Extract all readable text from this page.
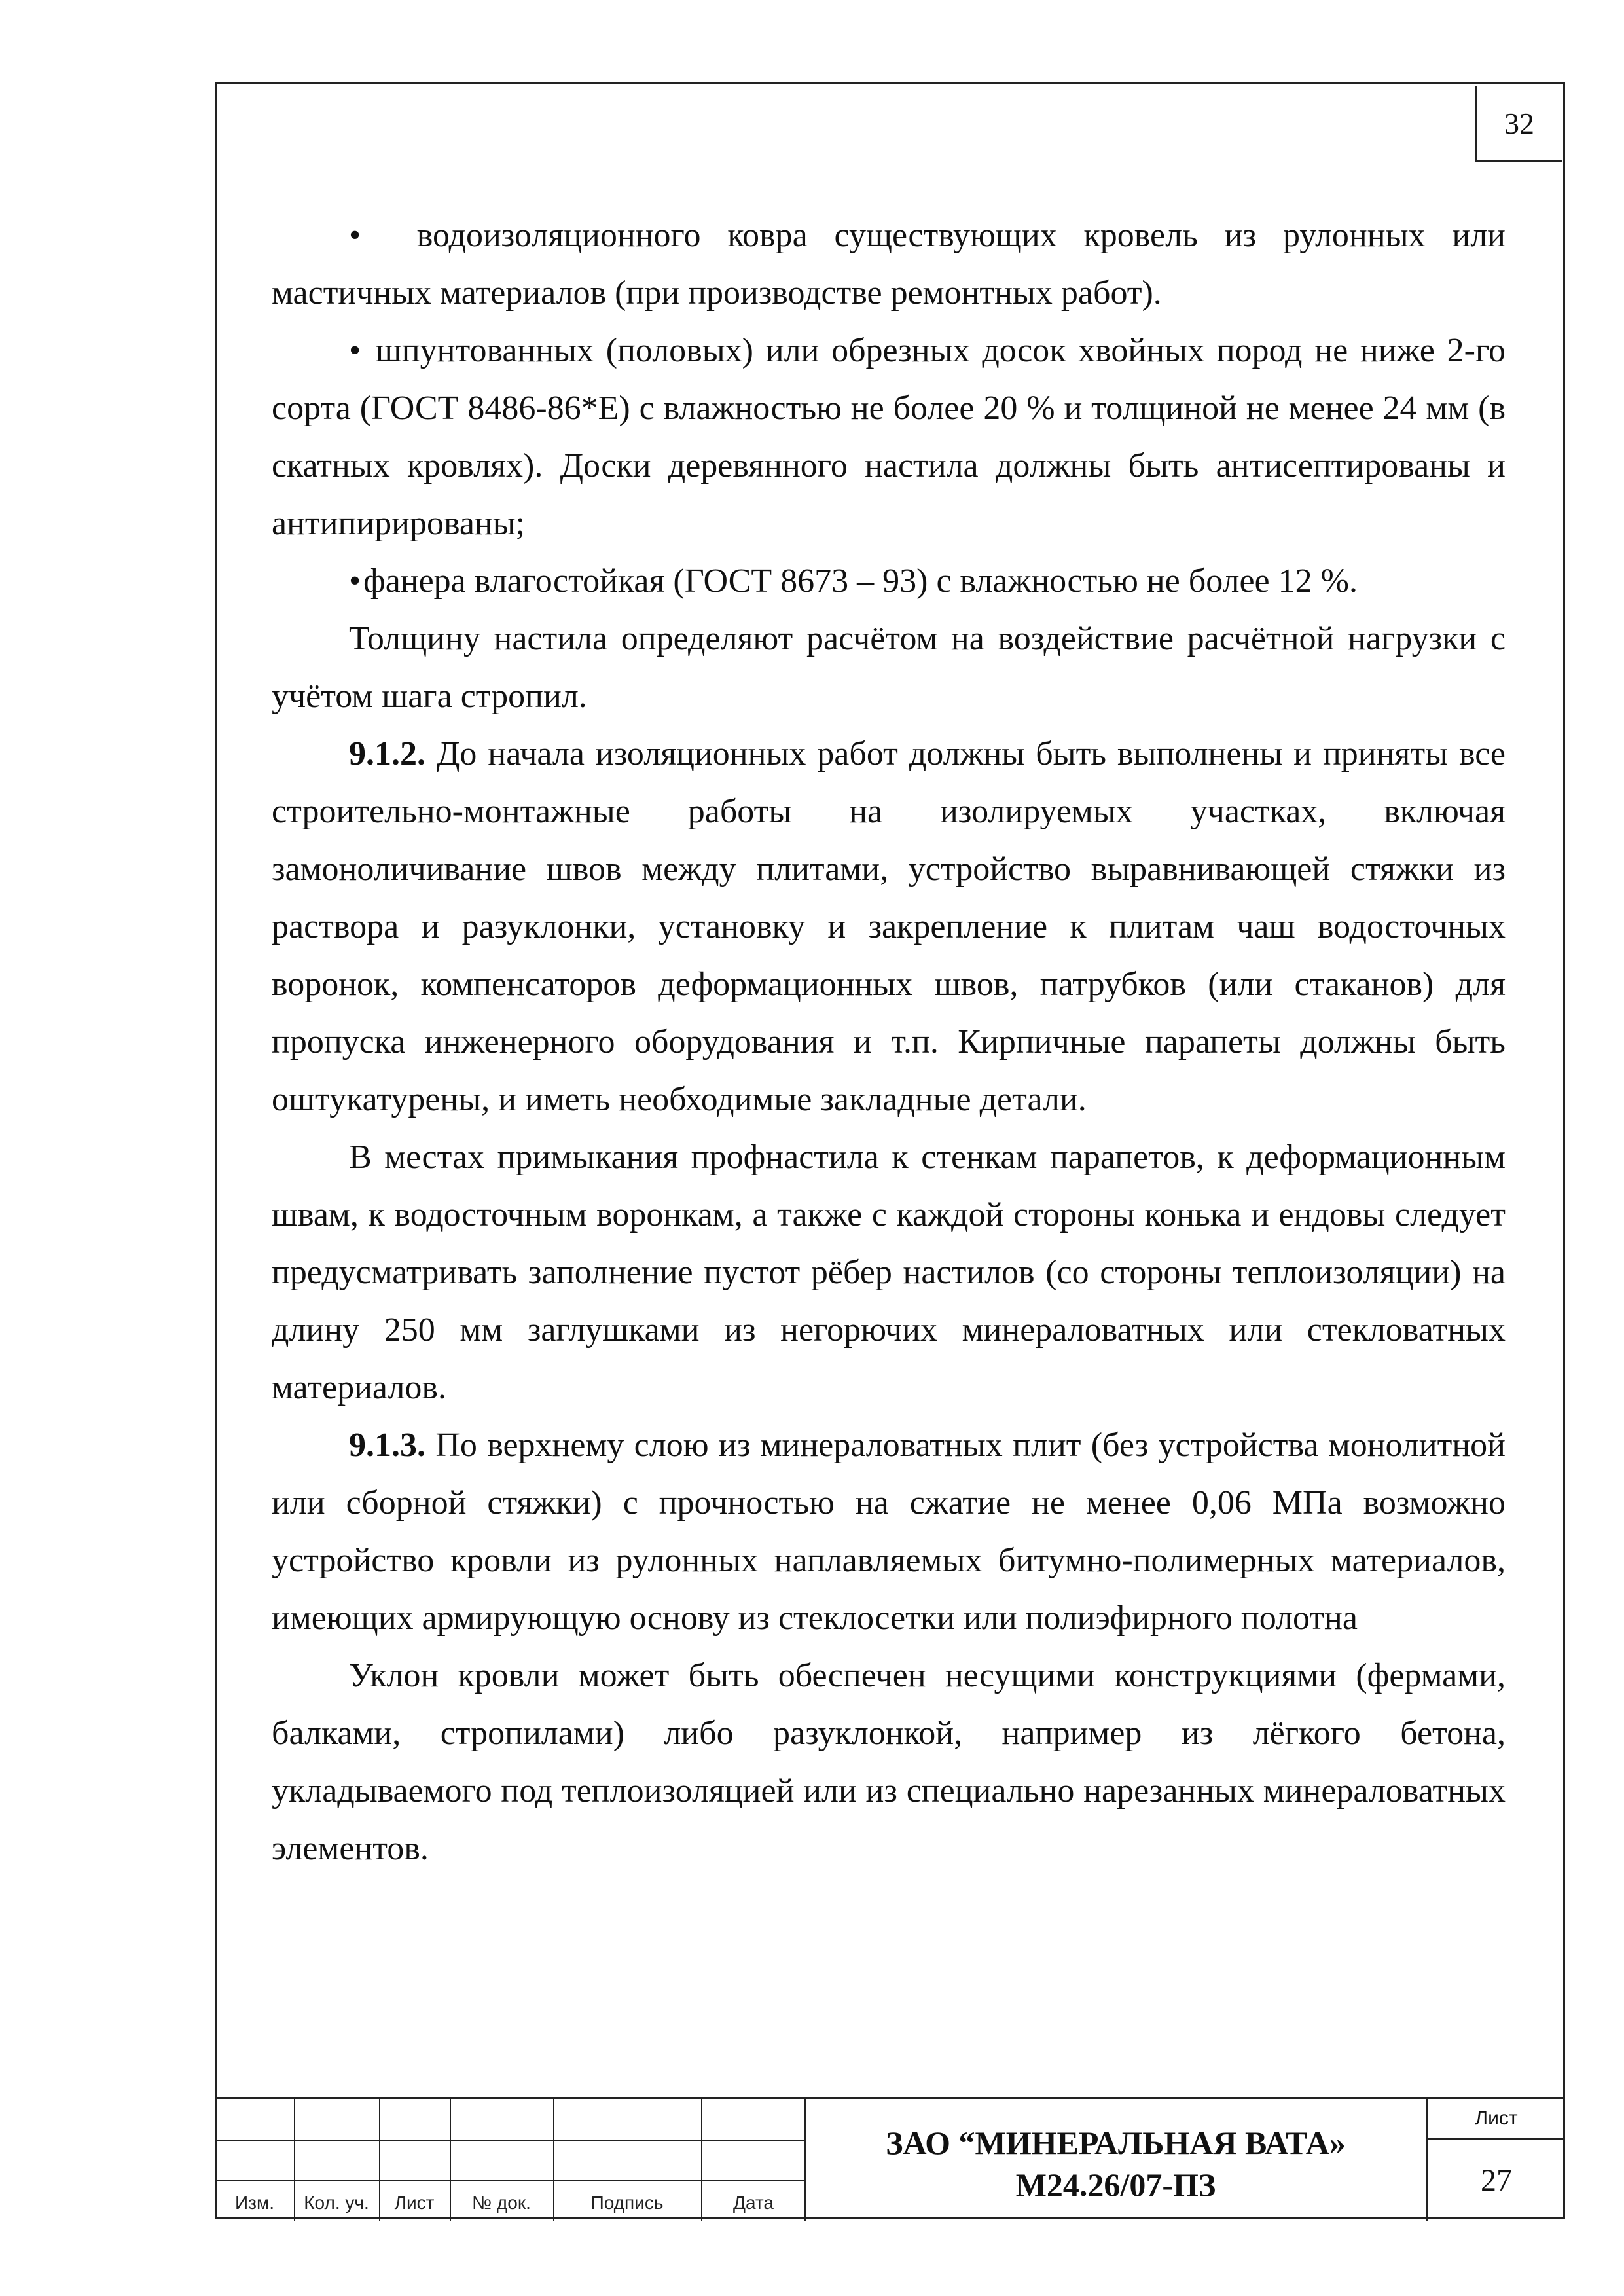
32

• водоизоляционного ковра существующих кровель из рулонных или мастичных материалов (при производстве ремонтных работ).

• шпунтованных (половых) или обрезных досок хвойных пород не ниже 2-го сорта (ГОСТ 8486-86*Е) с влажностью не более 20 % и толщиной не менее 24 мм (в скатных кровлях). Доски деревянного настила должны быть антисептированы и антипирированы;

•фанера влагостойкая (ГОСТ 8673 – 93) с влажностью не более 12 %.

Толщину настила определяют расчётом на воздействие расчётной нагрузки с учётом шага стропил.

9.1.2. До начала изоляционных работ должны быть выполнены и приняты все строительно-монтажные работы на изолируемых участках, включая замоноличивание швов между плитами, устройство выравнивающей стяжки из раствора и разуклонки, установку и закрепление к плитам чаш водосточных воронок, компенсаторов деформационных швов, патрубков (или стаканов) для пропуска инженерного оборудования и т.п. Кирпичные парапеты должны быть оштукатурены, и иметь необходимые закладные детали.

В местах примыкания профнастила к стенкам парапетов, к деформационным швам, к водосточным воронкам, а также с каждой стороны конька и ендовы следует предусматривать заполнение пустот рёбер настилов (со стороны теплоизоляции) на длину 250 мм заглушками из негорючих минераловатных или стекловатных материалов.

9.1.3. По верхнему слою из минераловатных плит (без устройства монолитной или сборной стяжки) с прочностью на сжатие не менее 0,06 МПа возможно устройство кровли из рулонных наплавляемых битумно-полимерных материалов, имеющих армирующую основу из стеклосетки или полиэфирного полотна

Уклон кровли может быть обеспечен несущими конструкциями (фермами, балками, стропилами) либо разуклонкой, например из лёгкого бетона, укладываемого под теплоизоляцией или из специально нарезанных минераловатных элементов.

Изм.	Кол. уч.	Лист	№ док.	Подпись	Дата
ЗАО “МИНЕРАЛЬНАЯ ВАТА»
М24.26/07-ПЗ
Лист
27
